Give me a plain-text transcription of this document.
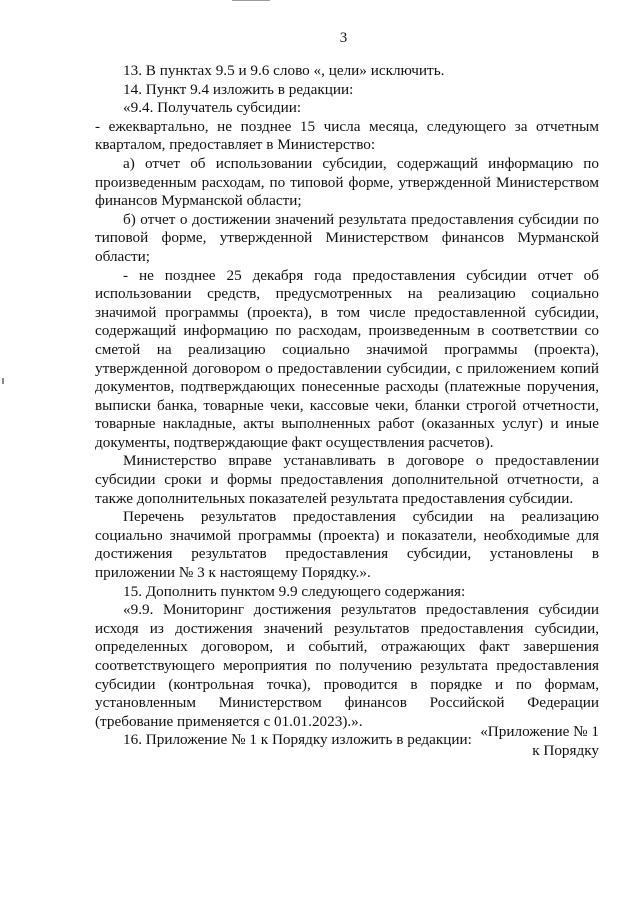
3

13. В пунктах 9.5 и 9.6 слово «, цели» исключить.

14. Пункт 9.4 изложить в редакции:

«9.4. Получатель субсидии:

- ежеквартально, не позднее 15 числа месяца, следующего за отчетным кварталом, предоставляет в Министерство:

а) отчет об использовании субсидии, содержащий информацию по произведенным расходам, по типовой форме, утвержденной Министерством финансов Мурманской области;

б) отчет о достижении значений результата предоставления субсидии по типовой форме, утвержденной Министерством финансов Мурманской области;

- не позднее 25 декабря года предоставления субсидии отчет об использовании средств, предусмотренных на реализацию социально значимой программы (проекта), в том числе предоставленной субсидии, содержащий информацию по расходам, произведенным в соответствии со сметой на реализацию социально значимой программы (проекта), утвержденной договором о предоставлении субсидии, с приложением копий документов, подтверждающих понесенные расходы (платежные поручения, выписки банка, товарные чеки, кассовые чеки, бланки строгой отчетности, товарные накладные, акты выполненных работ (оказанных услуг) и иные документы, подтверждающие факт осуществления расчетов).

Министерство вправе устанавливать в договоре о предоставлении субсидии сроки и формы предоставления дополнительной отчетности, а также дополнительных показателей результата предоставления субсидии.

Перечень результатов предоставления субсидии на реализацию социально значимой программы (проекта) и показатели, необходимые для достижения результатов предоставления субсидии, установлены в приложении № 3 к настоящему Порядку.».

15. Дополнить пунктом 9.9 следующего содержания:

«9.9. Мониторинг достижения результатов предоставления субсидии исходя из достижения значений результатов предоставления субсидии, определенных договором, и событий, отражающих факт завершения соответствующего мероприятия по получению результата предоставления субсидии (контрольная точка), проводится в порядке и по формам, установленным Министерством финансов Российской Федерации (требование применяется с 01.01.2023).».

16. Приложение № 1 к Порядку изложить в редакции: «Приложение № 1
к Порядку
